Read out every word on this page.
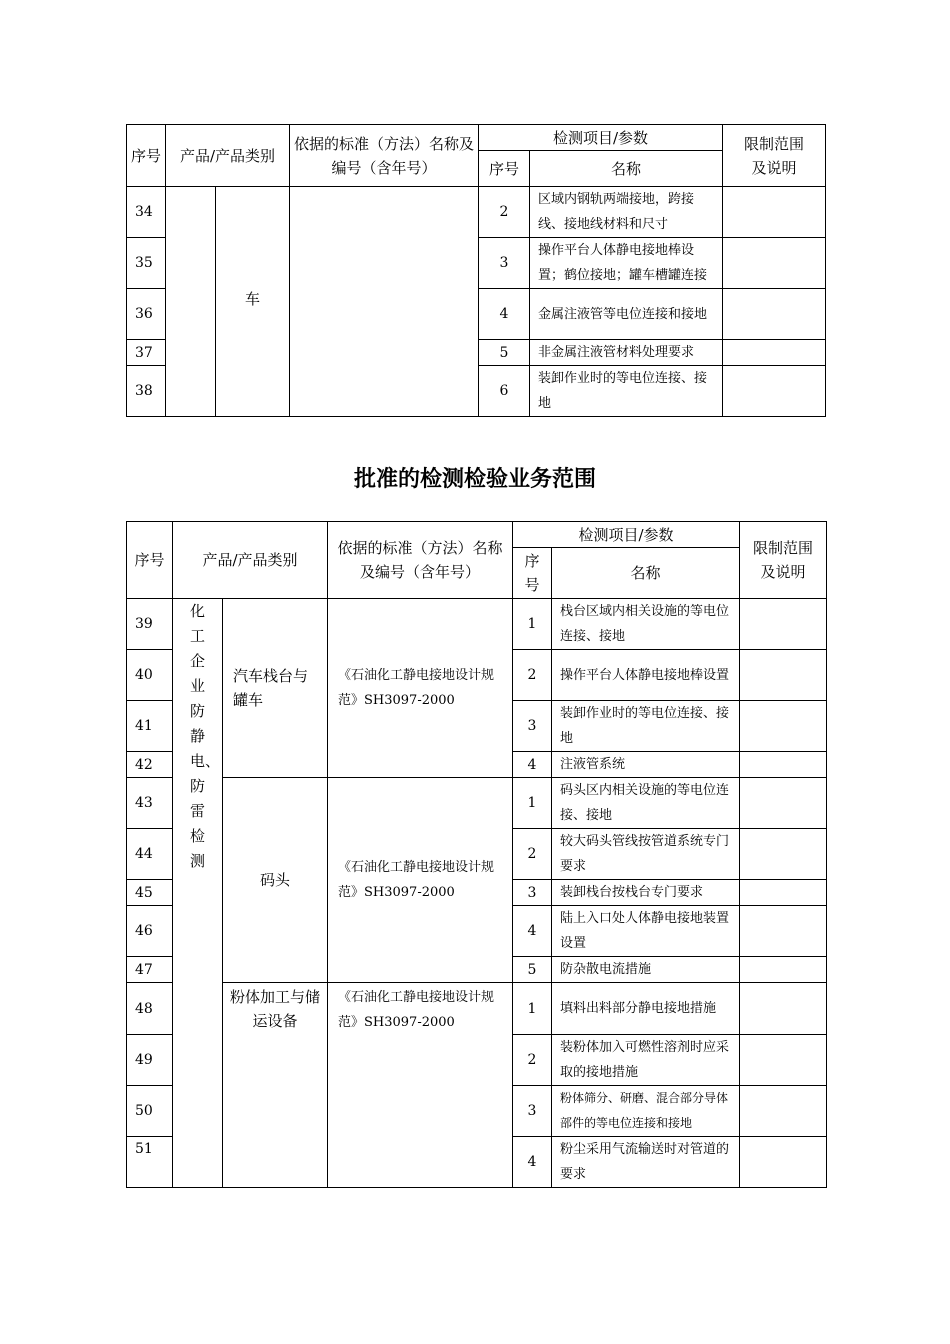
序号	产品/产品类别		依据的标准（方法）名称及编号（含年号）	检测项目/参数		限制范围及说明
				序号	名称	
34		车		2	区域内钢轨两端接地，跨接线、接地线材料和尺寸	
35				3	操作平台人体静电接地棒设置；鹤位接地；罐车槽罐连接	
36				4	金属注液管等电位连接和接地	
37				5	非金属注液管材料处理要求	
38				6	装卸作业时的等电位连接、接地	
批准的检测检验业务范围
序号	产品/产品类别		依据的标准（方法）名称及编号（含年号）	检测项目/参数		限制范围及说明
				序号	名称	
39	化工企业防静电、防雷检测	汽车栈台与罐车	《石油化工静电接地设计规范》SH3097-2000	1	栈台区域内相关设施的等电位连接、接地	
40				2	操作平台人体静电接地棒设置	
41				3	装卸作业时的等电位连接、接地	
42				4	注液管系统	
43		码头	《石油化工静电接地设计规范》SH3097-2000	1	码头区内相关设施的等电位连接、接地	
44				2	较大码头管线按管道系统专门要求	
45				3	装卸栈台按栈台专门要求	
46				4	陆上入口处人体静电接地装置设置	
47				5	防杂散电流措施	
48		粉体加工与储运设备	《石油化工静电接地设计规范》SH3097-2000	1	填料出料部分静电接地措施	
49				2	装粉体加入可燃性溶剂时应采取的接地措施	
50				3	粉体筛分、研磨、混合部分导体部件的等电位连接和接地	
51				4	粉尘采用气流输送时对管道的要求	
